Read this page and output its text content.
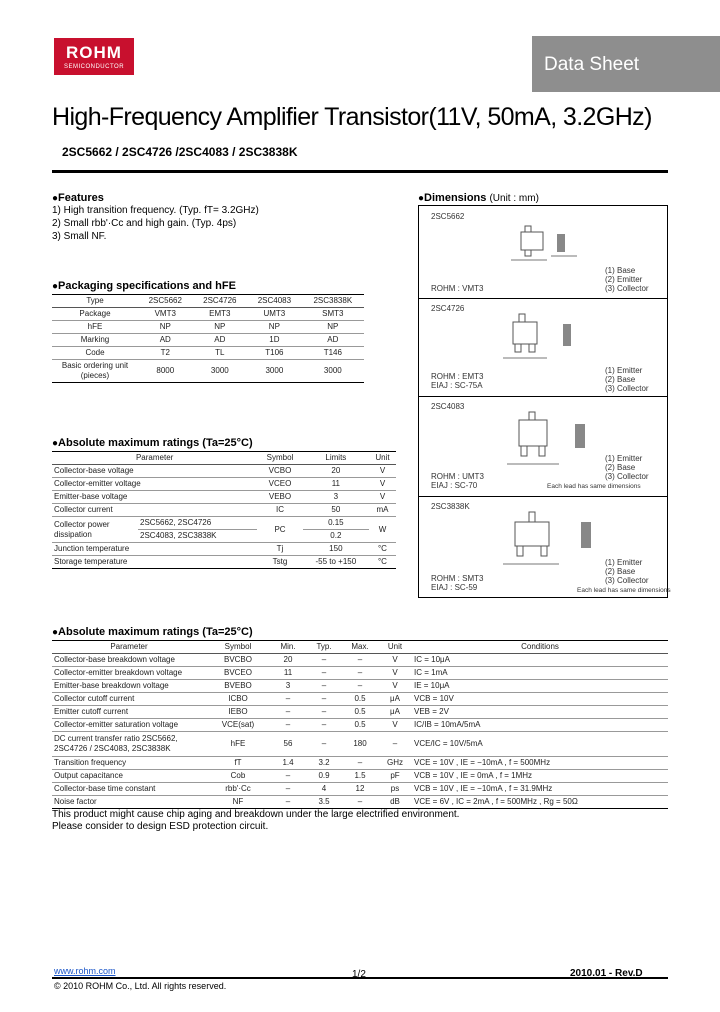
ROHM
SEMICONDUCTOR	Data Sheet
High-Frequency Amplifier Transistor(11V, 50mA, 3.2GHz)
2SC5662 / 2SC4726 /2SC4083 / 2SC3838K
●Features
1) High transition frequency. (Typ. fT= 3.2GHz)
2) Small rbb'·Cc and high gain. (Typ. 4ps)
3) Small NF.
●Packaging specifications and hFE
Type	2SC5662	2SC4726	2SC4083	2SC3838K
Package	VMT3	EMT3	UMT3	SMT3
hFE	NP	NP	NP	NP
Marking	AD	AD	1D	AD
Code	T2	TL	T106	T146
Basic ordering unit (pieces)	8000	3000	3000	3000
●Absolute maximum ratings (Ta=25°C)
Parameter		Symbol	Limits	Unit
Collector-base voltage		VCBO	20	V
Collector-emitter voltage		VCEO	11	V
Emitter-base voltage		VEBO	3	V
Collector current		IC	50	mA
Collector power dissipation	2SC5662, 2SC4726	PC	0.15	W
	2SC4083, 2SC3838K		0.2	
Junction temperature		Tj	150	°C
Storage temperature		Tstg	-55 to +150	°C
●Dimensions (Unit : mm)
2SC5662
(1) Base
(2) Emitter
(3) Collector
ROHM : VMT3
2SC4726
(1) Emitter
(2) Base
(3) Collector
ROHM : EMT3
EIAJ : SC-75A
2SC4083
(1) Emitter
(2) Base
(3) Collector
ROHM : UMT3
EIAJ : SC-70	Each lead has same dimensions
2SC3838K
(1) Emitter
(2) Base
(3) Collector
ROHM : SMT3
EIAJ : SC-59	Each lead has same dimensions
●Absolute maximum ratings (Ta=25°C)
Parameter	Symbol	Min.	Typ.	Max.	Unit	Conditions
Collector-base breakdown voltage	BVCBO	20	–	–	V	IC = 10μA
Collector-emitter breakdown voltage	BVCEO	11	–	–	V	IC = 1mA
Emitter-base breakdown voltage	BVEBO	3	–	–	V	IE = 10μA
Collector cutoff current	ICBO	–	–	0.5	μA	VCB = 10V
Emitter cutoff current	IEBO	–	–	0.5	μA	VEB = 2V
Collector-emitter saturation voltage	VCE(sat)	–	–	0.5	V	IC/IB = 10mA/5mA
DC current transfer ratio 2SC5662, 2SC4726 / 2SC4083, 2SC3838K	hFE	56	–	180	–	VCE/IC = 10V/5mA
Transition frequency	fT	1.4	3.2	–	GHz	VCE = 10V , IE = −10mA , f = 500MHz
Output capacitance	Cob	–	0.9	1.5	pF	VCB = 10V , IE = 0mA , f = 1MHz
Collector-base time constant	rbb'·Cc	–	4	12	ps	VCB = 10V , IE = −10mA , f = 31.9MHz
Noise factor	NF	–	3.5	–	dB	VCE = 6V , IC = 2mA , f = 500MHz , Rg = 50Ω
This product might cause chip aging and breakdown under the large electrified environment.
Please consider to design ESD protection circuit.
www.rohm.com
© 2010 ROHM Co., Ltd. All rights reserved.
1/2	2010.01 - Rev.D
